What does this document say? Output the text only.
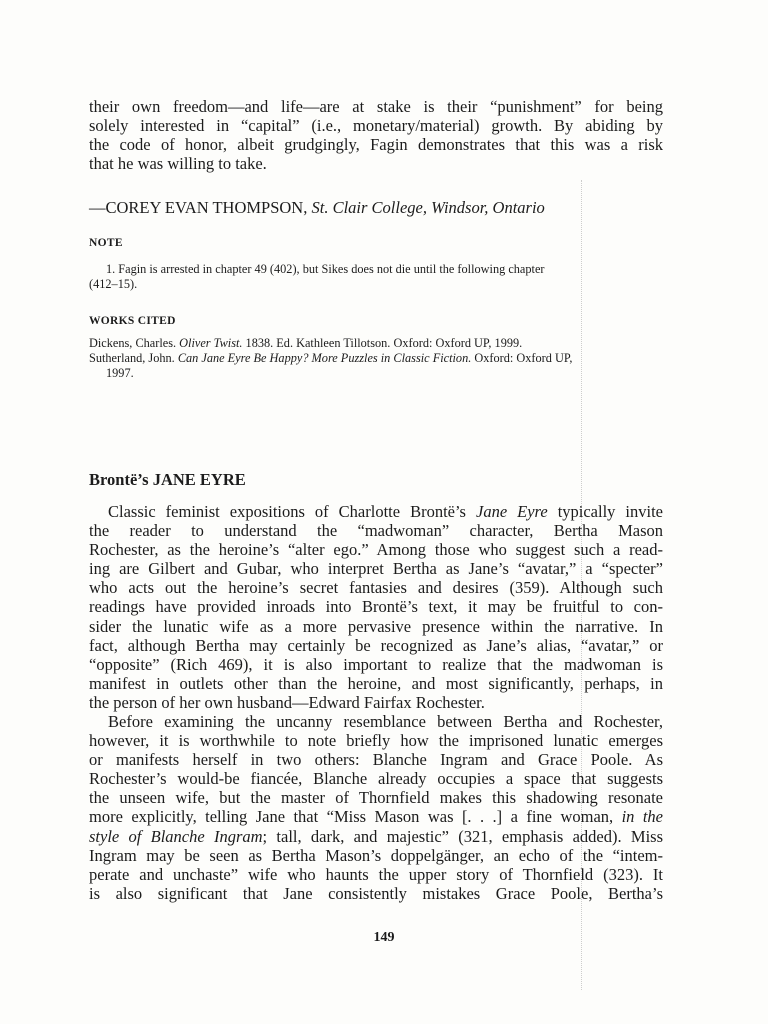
their own freedom—and life—are at stake is their “punishment” for being
solely interested in “capital” (i.e., monetary/material) growth. By abiding by
the code of honor, albeit grudgingly, Fagin demonstrates that this was a risk
that he was willing to take.
—COREY EVAN THOMPSON, St. Clair College, Windsor, Ontario
NOTE
1. Fagin is arrested in chapter 49 (402), but Sikes does not die until the following chapter
(412–15).
WORKS CITED
Dickens, Charles. Oliver Twist. 1838. Ed. Kathleen Tillotson. Oxford: Oxford UP, 1999.
Sutherland, John. Can Jane Eyre Be Happy? More Puzzles in Classic Fiction. Oxford: Oxford UP,
1997.
Brontë’s JANE EYRE
Classic feminist expositions of Charlotte Brontë’s Jane Eyre typically invite
the reader to understand the “madwoman” character, Bertha Mason
Rochester, as the heroine’s “alter ego.” Among those who suggest such a read-
ing are Gilbert and Gubar, who interpret Bertha as Jane’s “avatar,” a “specter”
who acts out the heroine’s secret fantasies and desires (359). Although such
readings have provided inroads into Brontë’s text, it may be fruitful to con-
sider the lunatic wife as a more pervasive presence within the narrative. In
fact, although Bertha may certainly be recognized as Jane’s alias, “avatar,” or
“opposite” (Rich 469), it is also important to realize that the madwoman is
manifest in outlets other than the heroine, and most significantly, perhaps, in
the person of her own husband—Edward Fairfax Rochester.
Before examining the uncanny resemblance between Bertha and Rochester,
however, it is worthwhile to note briefly how the imprisoned lunatic emerges
or manifests herself in two others: Blanche Ingram and Grace Poole. As
Rochester’s would-be fiancée, Blanche already occupies a space that suggests
the unseen wife, but the master of Thornfield makes this shadowing resonate
more explicitly, telling Jane that “Miss Mason was [. . .] a fine woman, in the
style of Blanche Ingram; tall, dark, and majestic” (321, emphasis added). Miss
Ingram may be seen as Bertha Mason’s doppelgänger, an echo of the “intem-
perate and unchaste” wife who haunts the upper story of Thornfield (323). It
is also significant that Jane consistently mistakes Grace Poole, Bertha’s
149
